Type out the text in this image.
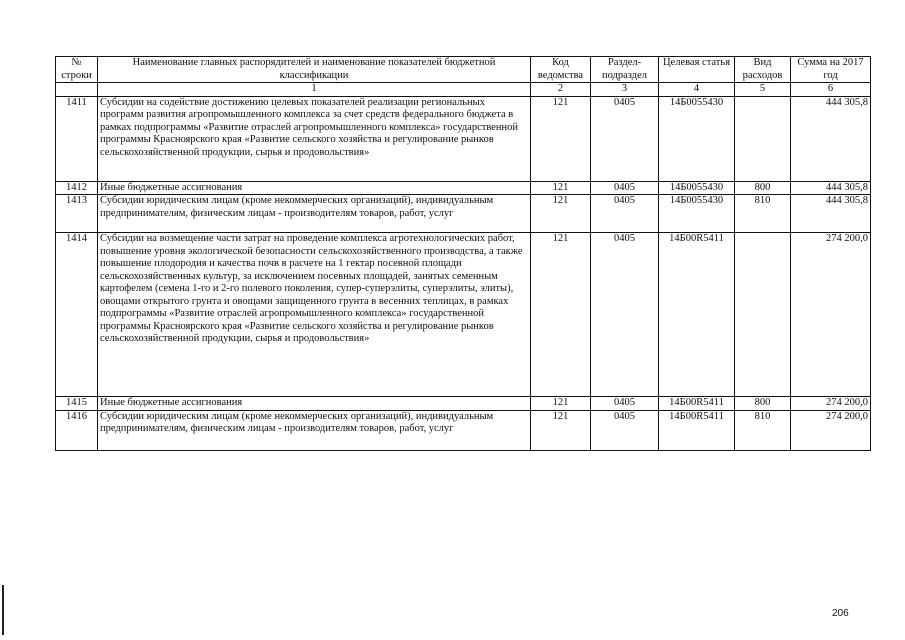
№ строки	Наименование главных распорядителей и наименование показателей бюджетной классификации	Код ведомства	Раздел-подраздел	Целевая статья	Вид расходов	Сумма на 2017 год
	1	2	3	4	5	6
1411	Субсидии на содействие достижению целевых показателей реализации региональных программ развития агропромышленного комплекса за счет средств федерального бюджета в рамках подпрограммы «Развитие отраслей агропромышленного комплекса» государственной программы Красноярского края «Развитие сельского хозяйства и регулирование рынков сельскохозяйственной продукции, сырья и продовольствия»	121	0405	14Б0055430		444 305,8
1412	Иные бюджетные ассигнования	121	0405	14Б0055430	800	444 305,8
1413	Субсидии юридическим лицам (кроме некоммерческих организаций), индивидуальным предпринимателям, физическим лицам - производителям товаров, работ, услуг	121	0405	14Б0055430	810	444 305,8
1414	Субсидии на возмещение части затрат на проведение комплекса агротехнологических работ, повышение уровня экологической безопасности сельскохозяйственного производства, а также повышение плодородия и качества почв в расчете на 1 гектар посевной площади сельскохозяйственных культур, за исключением посевных площадей, занятых семенным картофелем (семена 1-го и 2-го полевого поколения, супер-суперэлиты, суперэлиты, элиты), овощами открытого грунта и овощами защищенного грунта в весенних теплицах, в рамках подпрограммы «Развитие отраслей агропромышленного комплекса» государственной программы Красноярского края «Развитие сельского хозяйства и регулирование рынков сельскохозяйственной продукции, сырья и продовольствия»	121	0405	14Б00R5411		274 200,0
1415	Иные бюджетные ассигнования	121	0405	14Б00R5411	800	274 200,0
1416	Субсидии юридическим лицам (кроме некоммерческих организаций), индивидуальным предпринимателям, физическим лицам - производителям товаров, работ, услуг	121	0405	14Б00R5411	810	274 200,0
206
